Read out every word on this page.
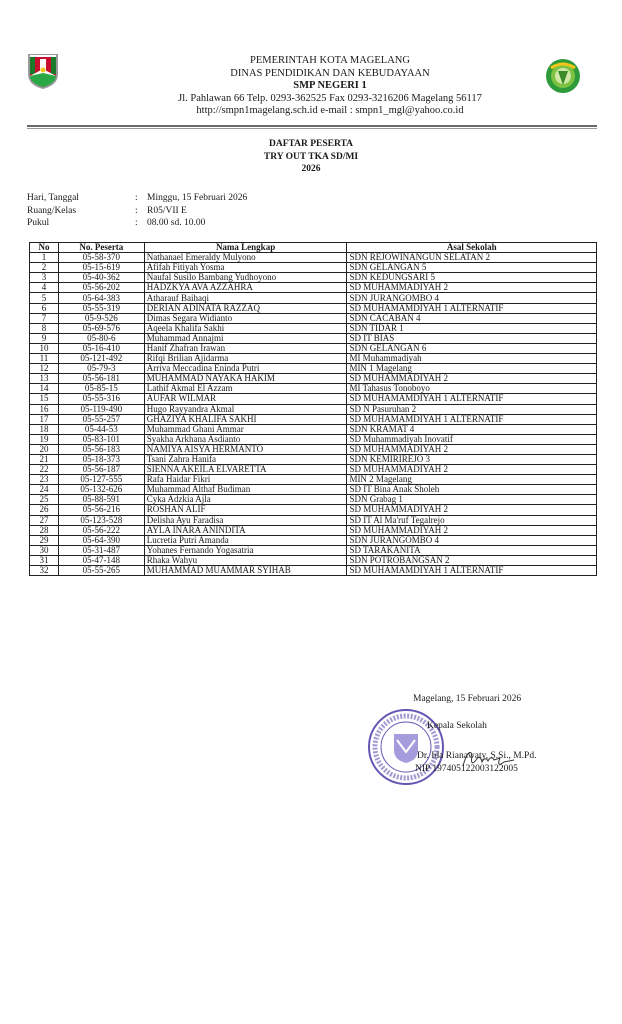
PEMERINTAH KOTA MAGELANG
DINAS PENDIDIKAN DAN KEBUDAYAAN
SMP NEGERI 1
Jl. Pahlawan 66 Telp. 0293-362525 Fax 0293-3216206 Magelang 56117
http://smpn1magelang.sch.id e-mail : smpn1_mgl@yahoo.co.id
DAFTAR PESERTA
TRY OUT TKA SD/MI
2026
Hari, Tanggal	: Minggu, 15 Februari 2026
Ruang/Kelas	: R05/VII E
Pukul	: 08.00 sd. 10.00
No	No. Peserta	Nama Lengkap	Asal Sekolah
1	05-58-370	Nathanael Emeraldy Mulyono	SDN REJOWINANGUN SELATAN 2
2	05-15-619	Afifah Fitiyah Yosma	SDN GELANGAN 5
3	05-40-362	Naufal Susilo Bambang Yudhoyono	SDN KEDUNGSARI 5
4	05-56-202	HADZKYA AVA AZZAHRA	SD MUHAMMADIYAH 2
5	05-64-383	Atharauf Baihaqi	SDN JURANGOMBO 4
6	05-55-319	DERIAN ADINATA RAZZAQ	SD MUHAMAMDIYAH 1 ALTERNATIF
7	05-9-526	Dimas Segara Widianto	SDN CACABAN 4
8	05-69-576	Aqeela Khalifa Sakhi	SDN TIDAR 1
9	05-80-6	Muhammad Annajmi	SD IT BIAS
10	05-16-410	Hanif Zhafran Irawan	SDN GELANGAN 6
11	05-121-492	Rifqi Brilian Ajidarma	MI Muhammadiyah
12	05-79-3	Arriva Meccadina Eninda Putri	MIN 1 Magelang
13	05-56-181	MUHAMMAD NAYAKA HAKIM	SD MUHAMMADIYAH 2
14	05-85-15	Lathif Akmal El Azzam	MI Tahasus Tonoboyo
15	05-55-316	AUFAR WILMAR	SD MUHAMAMDIYAH 1 ALTERNATIF
16	05-119-490	Hugo Rayyandra Akmal	SD N Pasuruhan 2
17	05-55-257	GHAZIYA KHALIFA SAKHI	SD MUHAMAMDIYAH 1 ALTERNATIF
18	05-44-53	Muhammad Ghani Ammar	SDN KRAMAT 4
19	05-83-101	Syakha Arkhana Asdianto	SD Muhammadiyah Inovatif
20	05-56-183	NAMIYA AISYA HERMANTO	SD MUHAMMADIYAH 2
21	05-18-373	Tsani Zahra Hanifa	SDN KEMIRIREJO 3
22	05-56-187	SIENNA AKEILA ELVARETTA	SD MUHAMMADIYAH 2
23	05-127-555	Rafa Haidar Fikri	MIN 2 Magelang
24	05-132-626	Muhammad Althaf Budiman	SD IT Bina Anak Sholeh
25	05-88-591	Cyka Adzkia Ajla	SDN Grabag 1
26	05-56-216	ROSHAN ALIF	SD MUHAMMADIYAH 2
27	05-123-528	Delisha Ayu Faradisa	SD IT Al Ma'ruf Tegalrejo
28	05-56-222	AYLA INARA ANINDITA	SD MUHAMMADIYAH 2
29	05-64-390	Lucretia Putri Amanda	SDN JURANGOMBO 4
30	05-31-487	Yohanes Fernando Yogasatria	SD TARAKANITA
31	05-47-148	Rhaka Wahyu	SDN POTROBANGSAN 2
32	05-55-265	MUHAMMAD MUAMMAR SYIHAB	SD MUHAMAMDIYAH 1 ALTERNATIF
Magelang, 15 Februari 2026
Kepala Sekolah
Dr. Ida Rianawaty, S.Si., M.Pd.
NIP 197405122003122005
